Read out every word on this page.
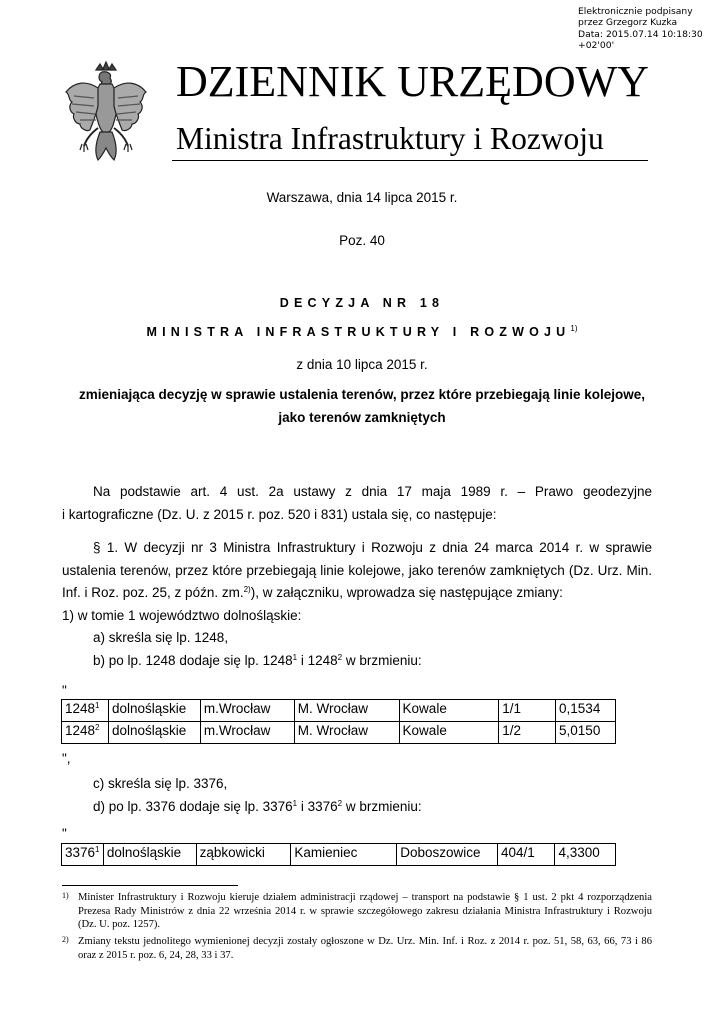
Elektronicznie podpisany
przez Grzegorz Kuzka
Data: 2015.07.14 10:18:30
+02'00'
DZIENNIK URZĘDOWY
Ministra Infrastruktury i Rozwoju
Warszawa, dnia 14 lipca 2015 r.
Poz. 40
DECYZJA NR 18
MINISTRA INFRASTRUKTURY I ROZWOJU$^{1)}$
z dnia 10 lipca 2015 r.
zmieniająca decyzję w sprawie ustalenia terenów, przez które przebiegają linie kolejowe,
jako terenów zamkniętych
Na podstawie art. 4 ust. 2a ustawy z dnia 17 maja 1989 r. – Prawo geodezyjne
i kartograficzne (Dz. U. z 2015 r. poz. 520 i 831) ustala się, co następuje:
§ 1. W decyzji nr 3 Ministra Infrastruktury i Rozwoju z dnia 24 marca 2014 r. w sprawie
ustalenia terenów, przez które przebiegają linie kolejowe, jako terenów zamkniętych (Dz. Urz. Min.
Inf. i Roz. poz. 25, z późn. zm.$^{2)}$), w załączniku, wprowadza się następujące zmiany:
1) w tomie 1 województwo dolnośląskie:
a) skreśla się lp. 1248,
b) po lp. 1248 dodaje się lp. 1248$^1$ i 1248$^2$ w brzmieniu:
"
1248$^1$	dolnośląskie	m.Wrocław	M. Wrocław	Kowale	1/1	0,1534
1248$^2$	dolnośląskie	m.Wrocław	M. Wrocław	Kowale	1/2	5,0150
",
c) skreśla się lp. 3376,
d) po lp. 3376 dodaje się lp. 3376$^1$ i 3376$^2$ w brzmieniu:
"
3376$^1$	dolnośląskie	ząbkowicki	Kamieniec	Doboszowice	404/1	4,3300
1) Minister Infrastruktury i Rozwoju kieruje działem administracji rządowej – transport na podstawie § 1 ust. 2 pkt 4 rozporządzenia Prezesa Rady Ministrów z dnia 22 września 2014 r. w sprawie szczegółowego zakresu działania Ministra Infrastruktury i Rozwoju (Dz. U. poz. 1257).
2) Zmiany tekstu jednolitego wymienionej decyzji zostały ogłoszone w Dz. Urz. Min. Inf. i Roz. z 2014 r. poz. 51, 58, 63, 66, 73 i 86 oraz z 2015 r. poz. 6, 24, 28, 33 i 37.
